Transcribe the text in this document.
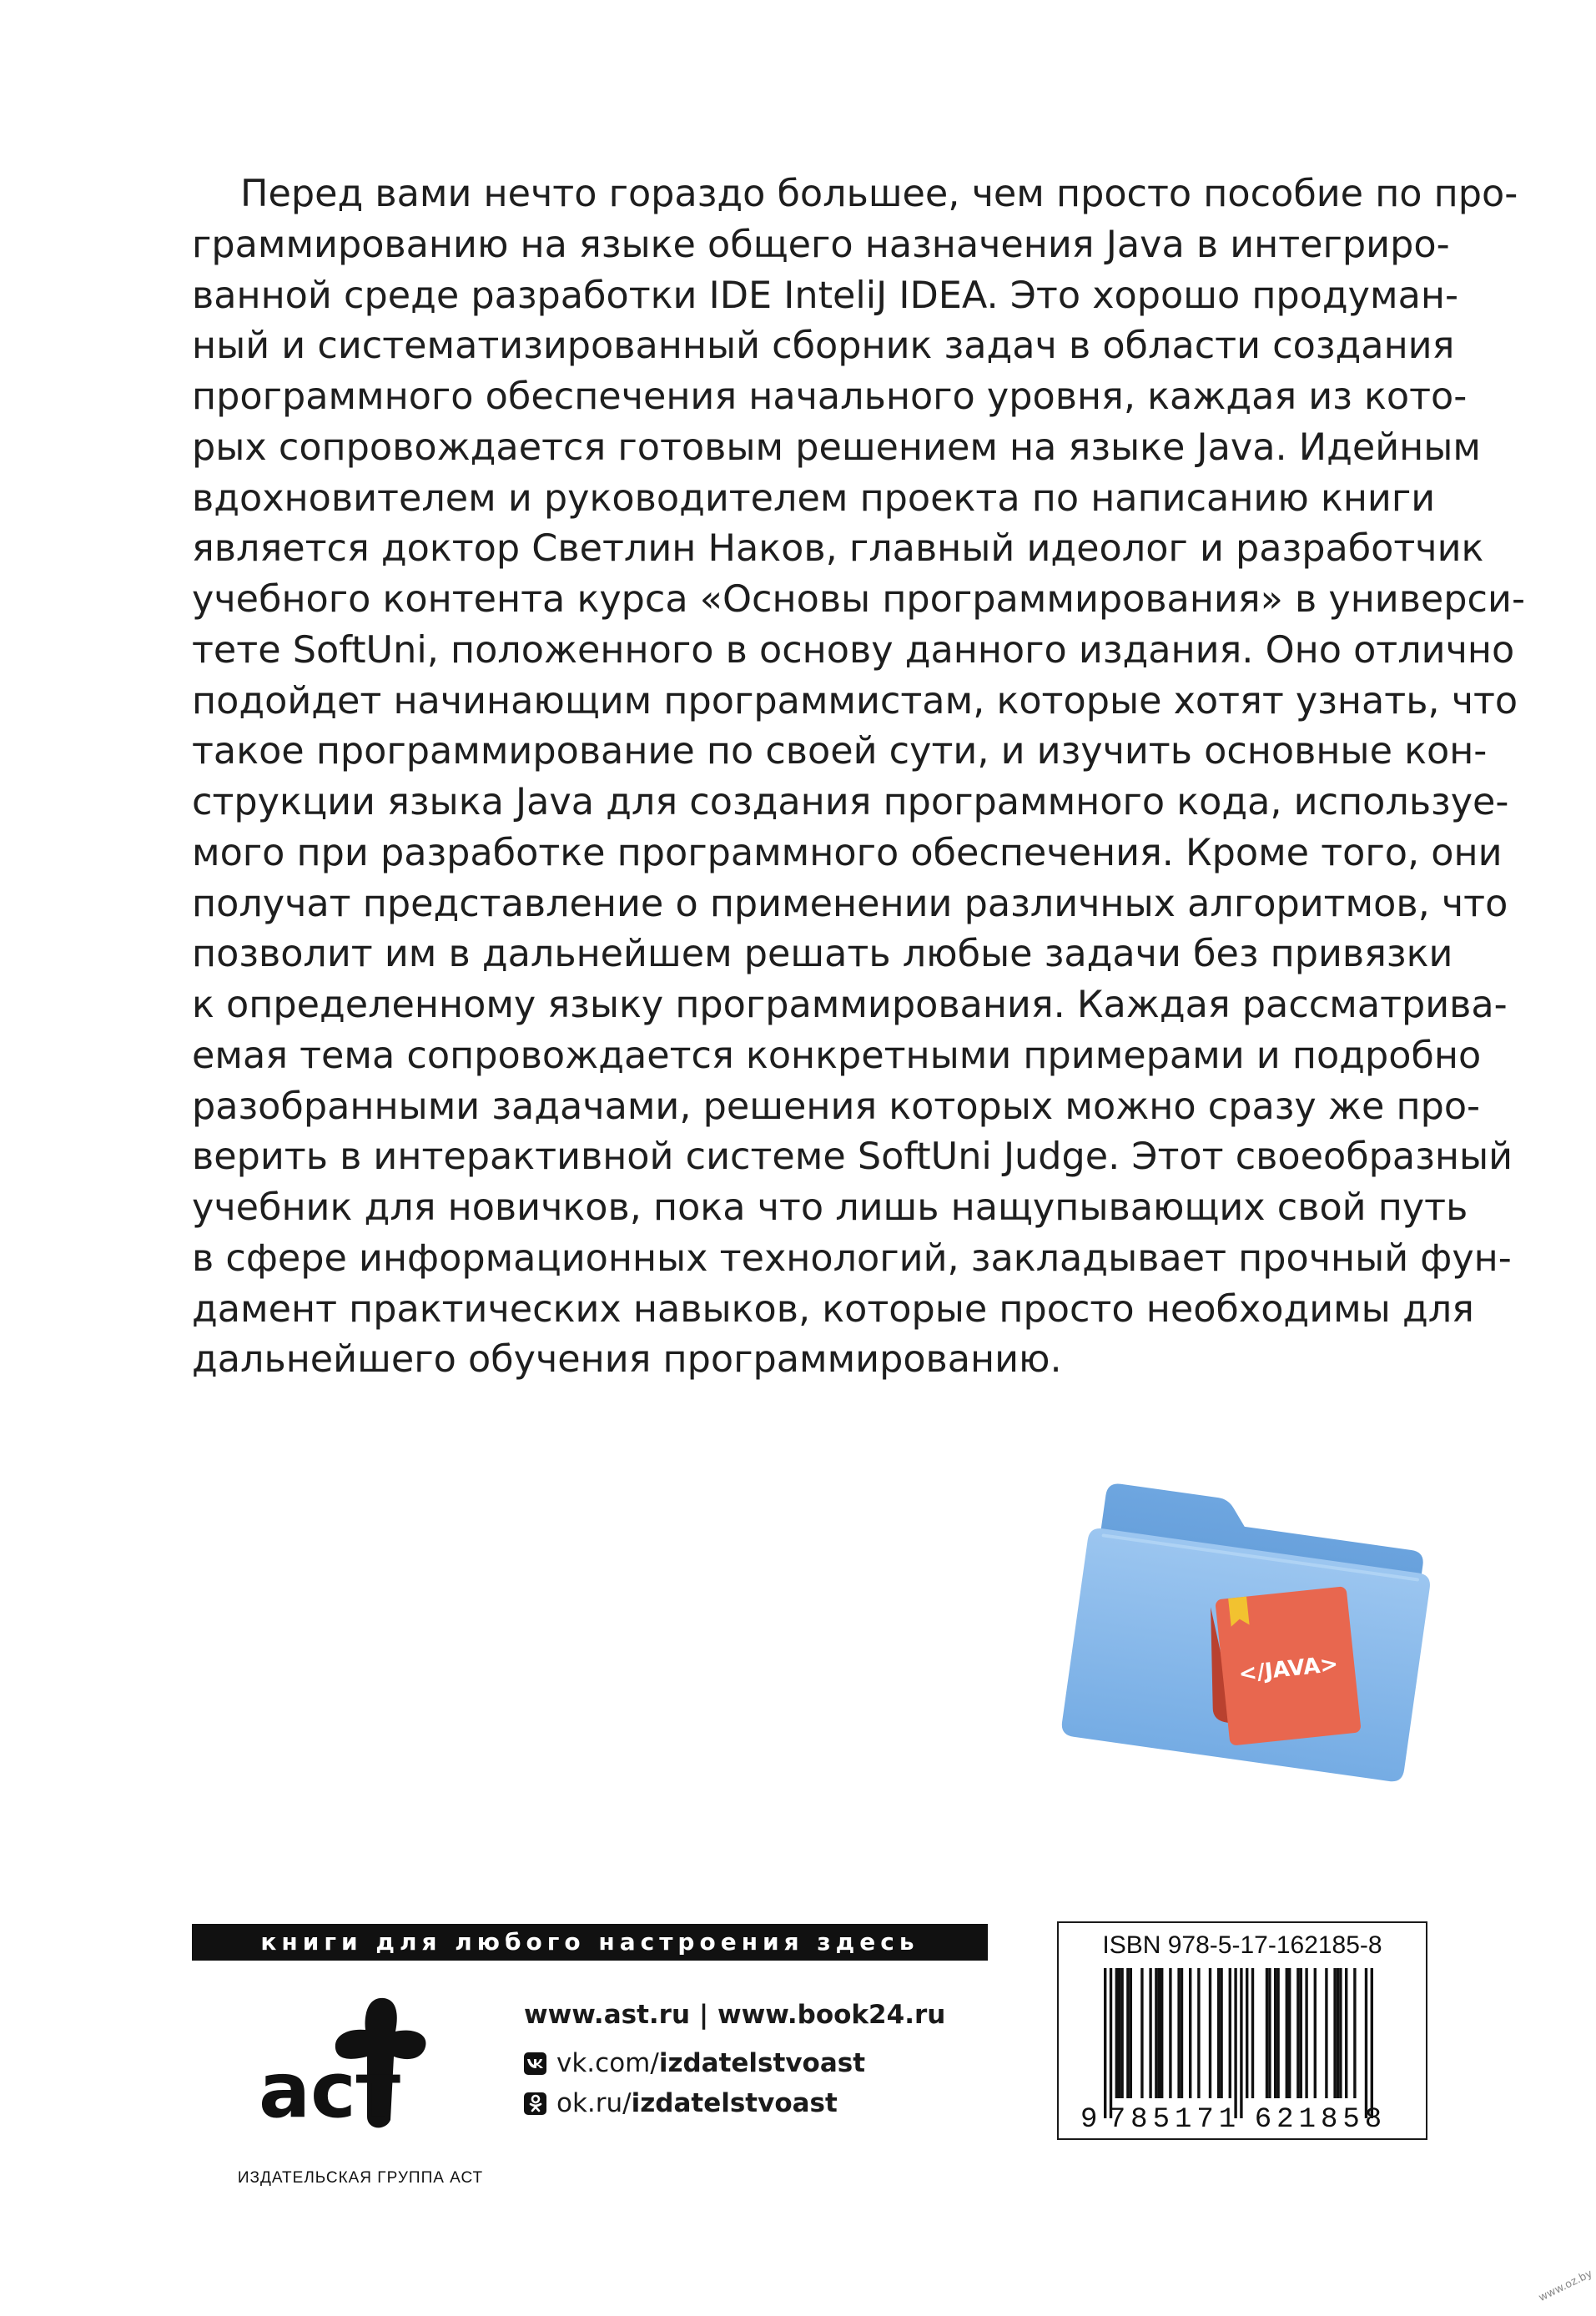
Перед вами нечто гораздо большее, чем просто пособие по про-
граммированию на языке общего назначения Java в интегриро-
ванной среде разработки IDE InteliJ IDEA. Это хорошо продуман-
ный и систематизированный сборник задач в области создания
программного обеспечения начального уровня, каждая из кото-
рых сопровождается готовым решением на языке Java. Идейным
вдохновителем и руководителем проекта по написанию книги
является доктор Светлин Наков, главный идеолог и разработчик
учебного контента курса «Основы программирования» в универси-
тете SoftUni, положенного в основу данного издания. Оно отлично
подойдет начинающим программистам, которые хотят узнать, что
такое программирование по своей сути, и изучить основные кон-
струкции языка Java для создания программного кода, используе-
мого при разработке программного обеспечения. Кроме того, они
получат представление о применении различных алгоритмов, что
позволит им в дальнейшем решать любые задачи без привязки
к определенному языку программирования. Каждая рассматрива-
емая тема сопровождается конкретными примерами и подробно
разобранными задачами, решения которых можно сразу же про-
верить в интерактивной системе SoftUni Judge. Этот своеобразный
учебник для новичков, пока что лишь нащупывающих свой путь
в сфере информационных технологий, закладывает прочный фун-
дамент практических навыков, которые просто необходимы для
дальнейшего обучения программированию.
</JAVA>
книги для любого настроения здесь
аст
ИЗДАТЕЛЬСКАЯ ГРУППА АСТ
www.ast.ru | www.book24.ru
vk.com/ izdatelstvoast
ok.ru/ izdatelstvoast
ISBN 978-5-17-162185-8
9 785171 621858
www.oz.by
